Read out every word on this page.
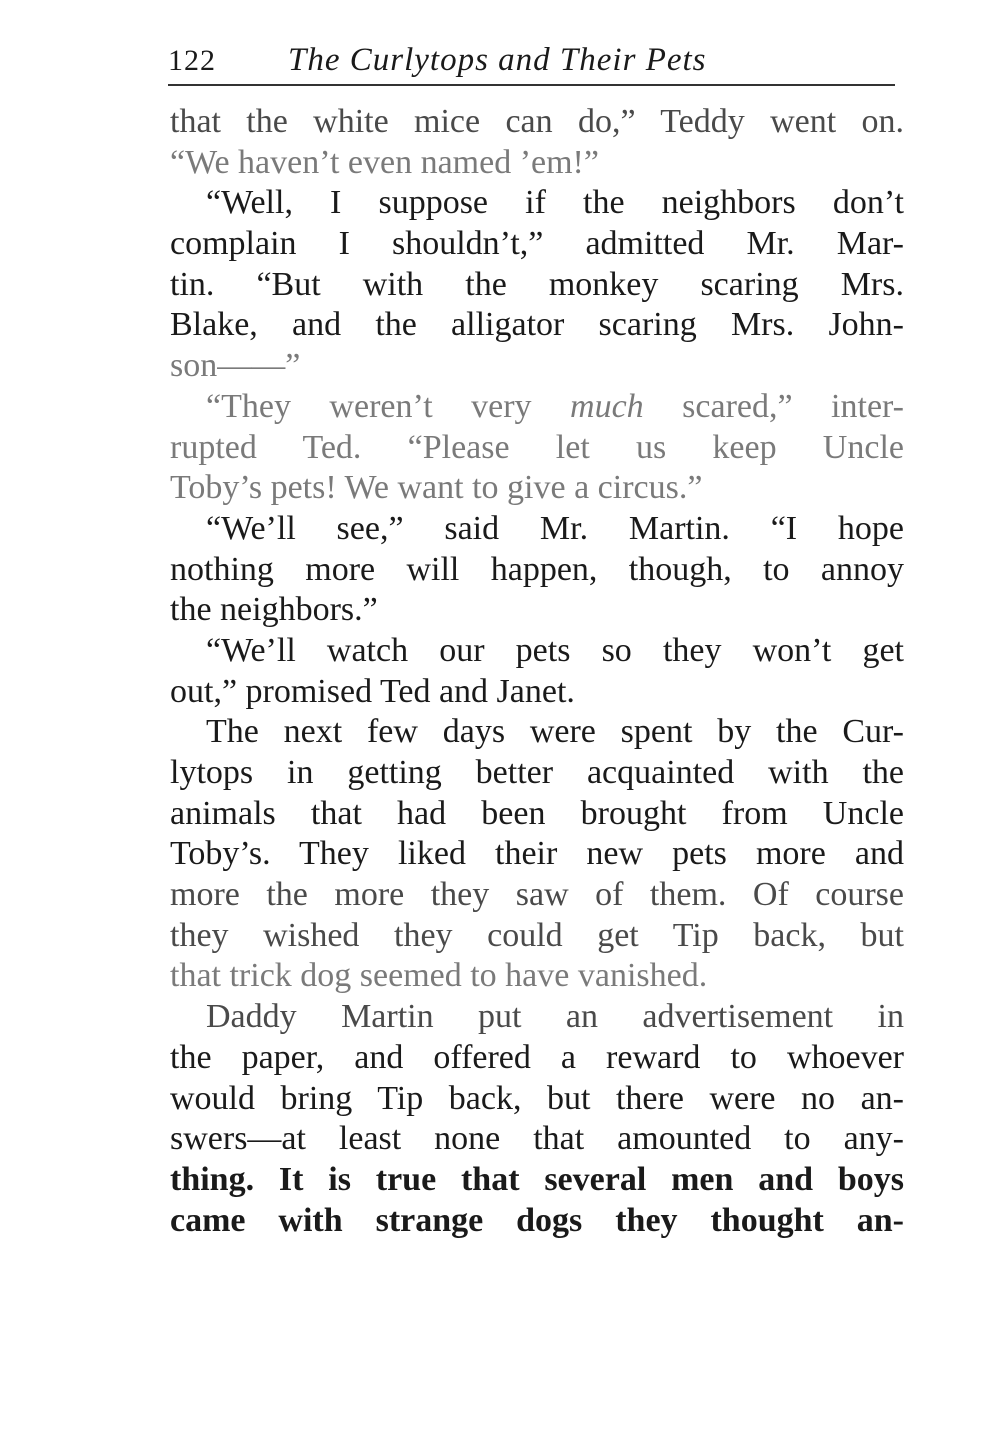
122 The Curlytops and Their Pets
that the white mice can do,” Teddy went on.
“We haven’t even named ’em!”
“Well, I suppose if the neighbors don’t
complain I shouldn’t,” admitted Mr. Mar-
tin. “But with the monkey scaring Mrs.
Blake, and the alligator scaring Mrs. John-
son——”
“They weren’t very much scared,” inter-
rupted Ted. “Please let us keep Uncle
Toby’s pets! We want to give a circus.”
“We’ll see,” said Mr. Martin. “I hope
nothing more will happen, though, to annoy
the neighbors.”
“We’ll watch our pets so they won’t get
out,” promised Ted and Janet.
The next few days were spent by the Cur-
lytops in getting better acquainted with the
animals that had been brought from Uncle
Toby’s. They liked their new pets more and
more the more they saw of them. Of course
they wished they could get Tip back, but
that trick dog seemed to have vanished.
Daddy Martin put an advertisement in
the paper, and offered a reward to whoever
would bring Tip back, but there were no an-
swers—at least none that amounted to any-
thing. It is true that several men and boys
came with strange dogs they thought an-
